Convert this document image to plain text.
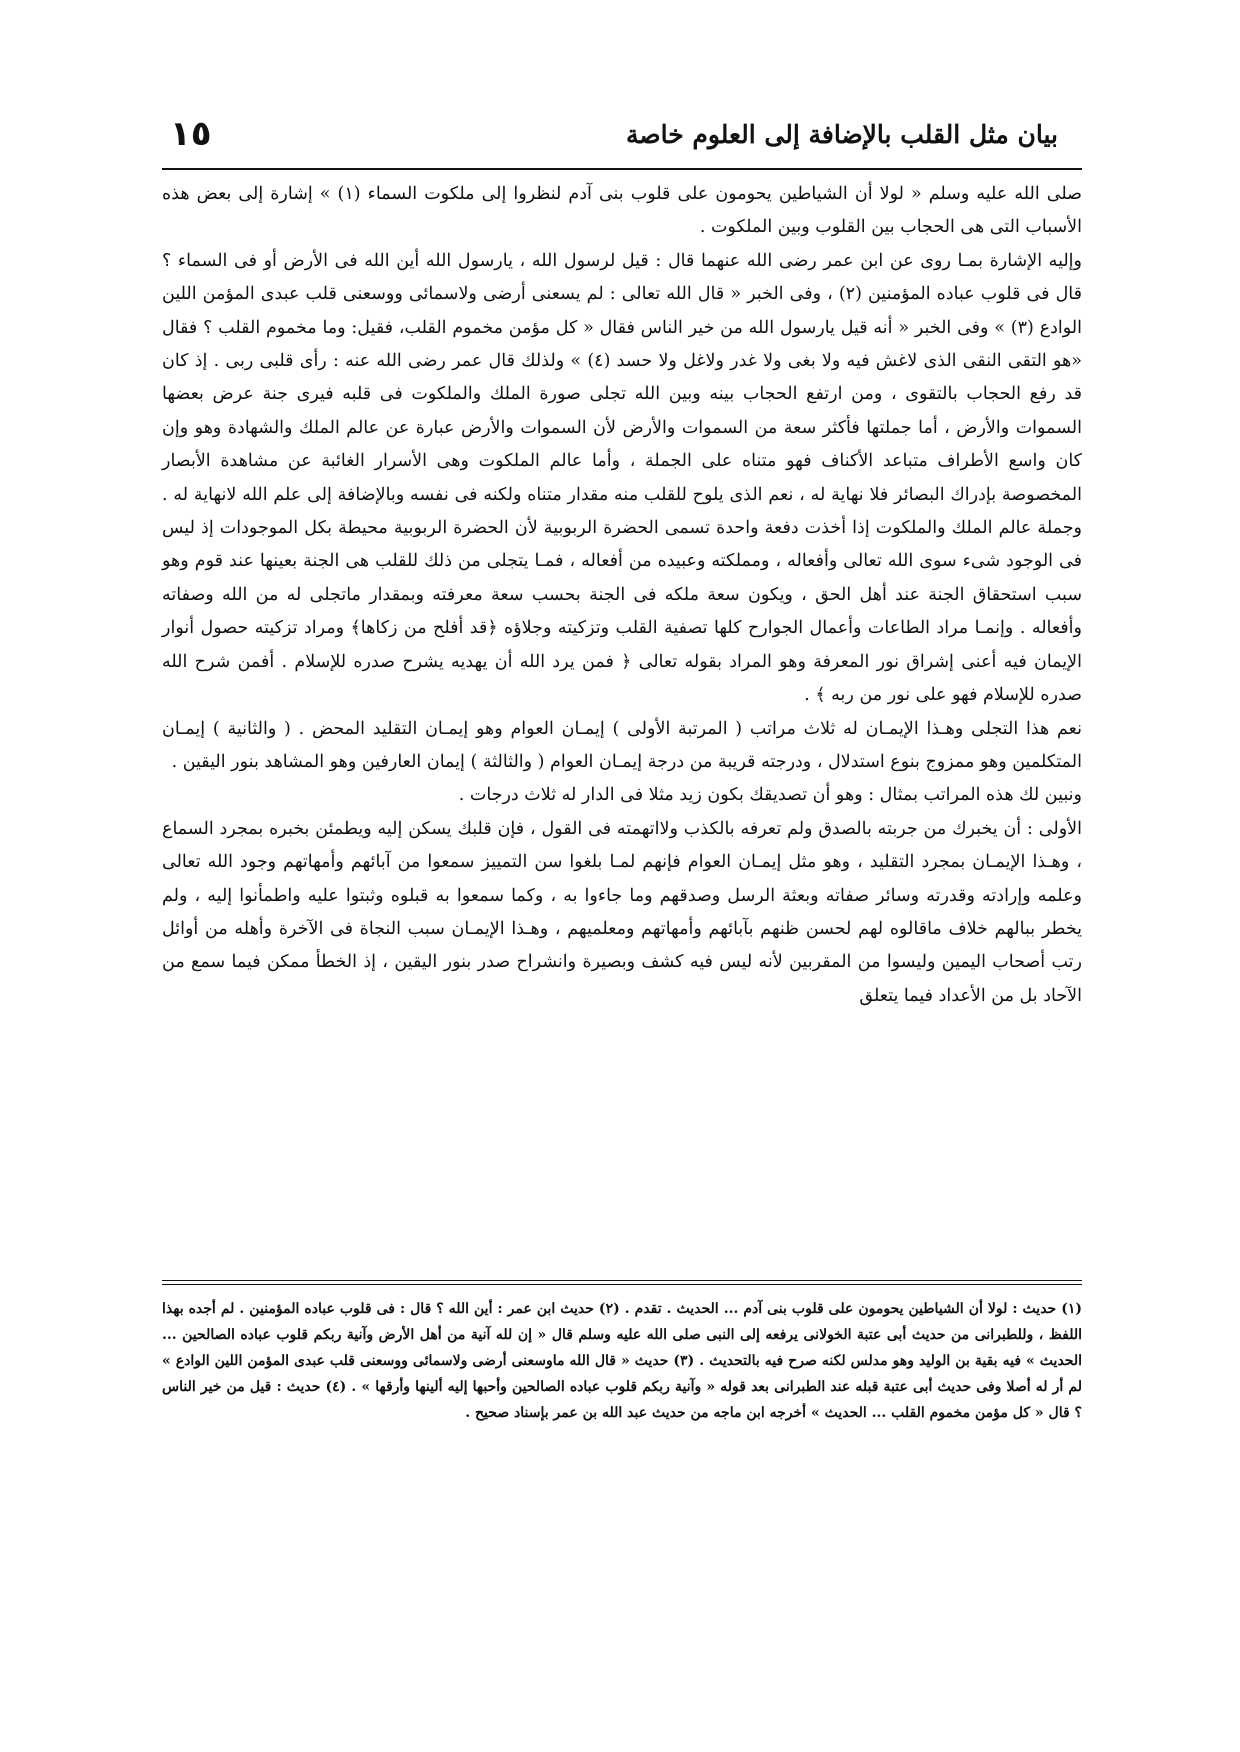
بيان مثل القلب بالإضافة إلى العلوم خاصة
١٥

صلى الله عليه وسلم « لولا أن الشياطين يحومون على قلوب بنى آدم لنظروا إلى ملكوت السماء (١) » إشارة إلى بعض هذه الأسباب التى هى الحجاب بين القلوب وبين الملكوت .

وإليه الإشارة بمـا روى عن ابن عمر رضى الله عنهما قال : قيل لرسول الله ، يارسول الله أين الله فى الأرض أو فى السماء ؟ قال فى قلوب عباده المؤمنين (٢) ، وفى الخبر « قال الله تعالى : لم يسعنى أرضى ولاسمائى ووسعنى قلب عبدى المؤمن اللين الوادع (٣) » وفى الخبر « أنه قيل يارسول الله من خير الناس فقال « كل مؤمن مخموم القلب، فقيل: وما مخموم القلب ؟ فقال «هو التقى النقى الذى لاغش فيه ولا بغى ولا غدر ولاغل ولا حسد (٤) » ولذلك قال عمر رضى الله عنه : رأى قلبى ربى . إذ كان قد رفع الحجاب بالتقوى ، ومن ارتفع الحجاب بينه وبين الله تجلى صورة الملك والملكوت فى قلبه فيرى جنة عرض بعضها السموات والأرض ، أما جملتها فأكثر سعة من السموات والأرض لأن السموات والأرض عبارة عن عالم الملك والشهادة وهو وإن كان واسع الأطراف متباعد الأكناف فهو متناه على الجملة ، وأما عالم الملكوت وهى الأسرار الغائبة عن مشاهدة الأبصار المخصوصة بإدراك البصائر فلا نهاية له ، نعم الذى يلوح للقلب منه مقدار متناه ولكنه فى نفسه وبالإضافة إلى علم الله لانهاية له . وجملة عالم الملك والملكوت إذا أخذت دفعة واحدة تسمى الحضرة الربوبية لأن الحضرة الربوبية محيطة بكل الموجودات إذ ليس فى الوجود شىء سوى الله تعالى وأفعاله ، ومملكته وعبيده من أفعاله ، فمـا يتجلى من ذلك للقلب هى الجنة بعينها عند قوم وهو سبب استحقاق الجنة عند أهل الحق ، ويكون سعة ملكه فى الجنة بحسب سعة معرفته وبمقدار ماتجلى له من الله وصفاته وأفعاله . وإنمـا مراد الطاعات وأعمال الجوارح كلها تصفية القلب وتزكيته وجلاؤه ﴿قد أفلح من زكاها﴾ ومراد تزكيته حصول أنوار الإيمان فيه أعنى إشراق نور المعرفة وهو المراد بقوله تعالى ﴿ فمن يرد الله أن يهديه يشرح صدره للإسلام . أفمن شرح الله صدره للإسلام فهو على نور من ربه ﴾ .

نعم هذا التجلى وهـذا الإيمـان له ثلاث مراتب ( المرتبة الأولى ) إيمـان العوام وهو إيمـان التقليد المحض . ( والثانية ) إيمـان المتكلمين وهو ممزوج بنوع استدلال ، ودرجته قريبة من درجة إيمـان العوام ( والثالثة ) إيمان العارفين وهو المشاهد بنور اليقين .

ونبين لك هذه المراتب بمثال : وهو أن تصديقك بكون زيد مثلا فى الدار له ثلاث درجات .

الأولى : أن يخبرك من جربته بالصدق ولم تعرفه بالكذب ولااتهمته فى القول ، فإن قلبك يسكن إليه ويطمئن بخبره بمجرد السماع ، وهـذا الإيمـان بمجرد التقليد ، وهو مثل إيمـان العوام فإنهم لمـا بلغوا سن التمييز سمعوا من آبائهم وأمهاتهم وجود الله تعالى وعلمه وإرادته وقدرته وسائر صفاته وبعثة الرسل وصدقهم وما جاءوا به ، وكما سمعوا به قبلوه وثبتوا عليه واطمأنوا إليه ، ولم يخطر ببالهم خلاف ماقالوه لهم لحسن ظنهم بآبائهم وأمهاتهم ومعلميهم ، وهـذا الإيمـان سبب النجاة فى الآخرة وأهله من أوائل رتب أصحاب اليمين وليسوا من المقربين لأنه ليس فيه كشف وبصيرة وانشراح صدر بنور اليقين ، إذ الخطأ ممكن فيما سمع من الآحاد بل من الأعداد فيما يتعلق

(١) حديث : لولا أن الشياطين يحومون على قلوب بنى آدم ... الحديث . تقدم . (٢) حديث ابن عمر : أين الله ؟ قال : فى قلوب عباده المؤمنين . لم أجده بهذا اللفظ ، وللطبرانى من حديث أبى عتبة الخولانى يرفعه إلى النبى صلى الله عليه وسلم قال « إن لله آنية من أهل الأرض وآنية ربكم قلوب عباده الصالحين ... الحديث » فيه بقية بن الوليد وهو مدلس لكنه صرح فيه بالتحديث . (٣) حديث « قال الله ماوسعنى أرضى ولاسمائى ووسعنى قلب عبدى المؤمن اللين الوادع » لم أر له أصلا وفى حديث أبى عتبة قبله عند الطبرانى بعد قوله « وآنية ربكم قلوب عباده الصالحين وأحبها إليه ألينها وأرقها » . (٤) حديث : قيل من خير الناس ؟ قال « كل مؤمن مخموم القلب ... الحديث » أخرجه ابن ماجه من حديث عبد الله بن عمر بإسناد صحيح .
